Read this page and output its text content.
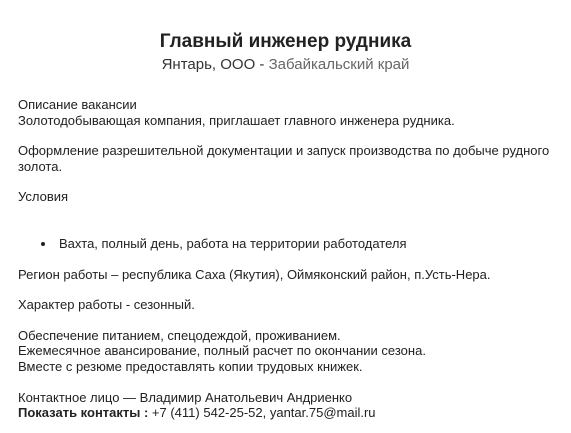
Главный инженер рудника
Янтарь, ООО - Забайкальский край

Описание вакансии

Золотодобывающая компания, приглашает главного инженера рудника.

Оформление разрешительной документации и запуск производства по добыче рудного золота.

Условия

Вахта, полный день, работа на территории работодателя

Регион работы – республика Саха (Якутия), Оймяконский район, п.Усть-Нера.

Характер работы - сезонный.

Обеспечение питанием, спецодеждой, проживанием.

Ежемесячное авансирование, полный расчет по окончании сезона.

Вместе с резюме предоставлять копии трудовых книжек.

Контактное лицо — Владимир Анатольевич Андриенко

Показать контакты : +7 (411) 542-25-52, yantar.75@mail.ru
